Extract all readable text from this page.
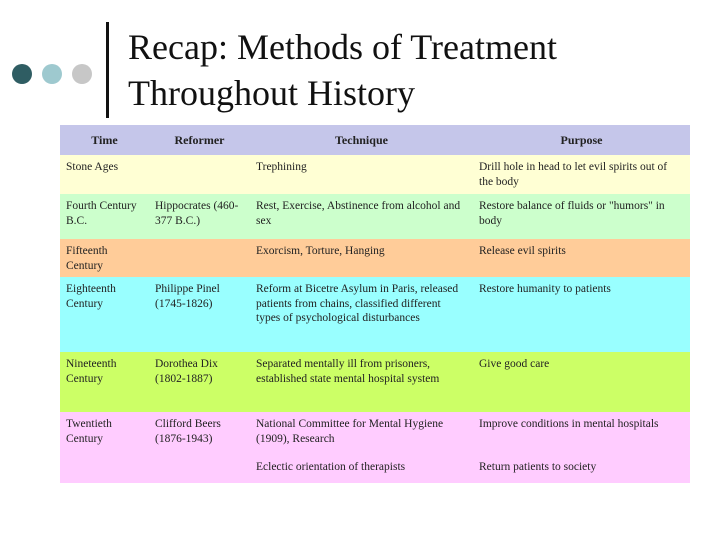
Recap: Methods of Treatment
Throughout History
Time	Reformer	Technique	Purpose
Stone Ages		Trephining	Drill hole in head to let evil spirits out of the body
Fourth Century B.C.	Hippocrates (460-377 B.C.)	Rest, Exercise, Abstinence from alcohol and sex	Restore balance of fluids or "humors" in body
Fifteenth Century		Exorcism, Torture, Hanging	Release evil spirits
Eighteenth Century	Philippe Pinel (1745-1826)	Reform at Bicetre Asylum in Paris, released patients from chains, classified different types of psychological disturbances	Restore humanity to patients
Nineteenth Century	Dorothea Dix (1802-1887)	Separated mentally ill from prisoners, established state mental hospital system	Give good care
Twentieth Century	Clifford Beers (1876-1943)	National Committee for Mental Hygiene (1909), Research	Improve conditions in mental hospitals
		Eclectic orientation of therapists	Return patients to society
